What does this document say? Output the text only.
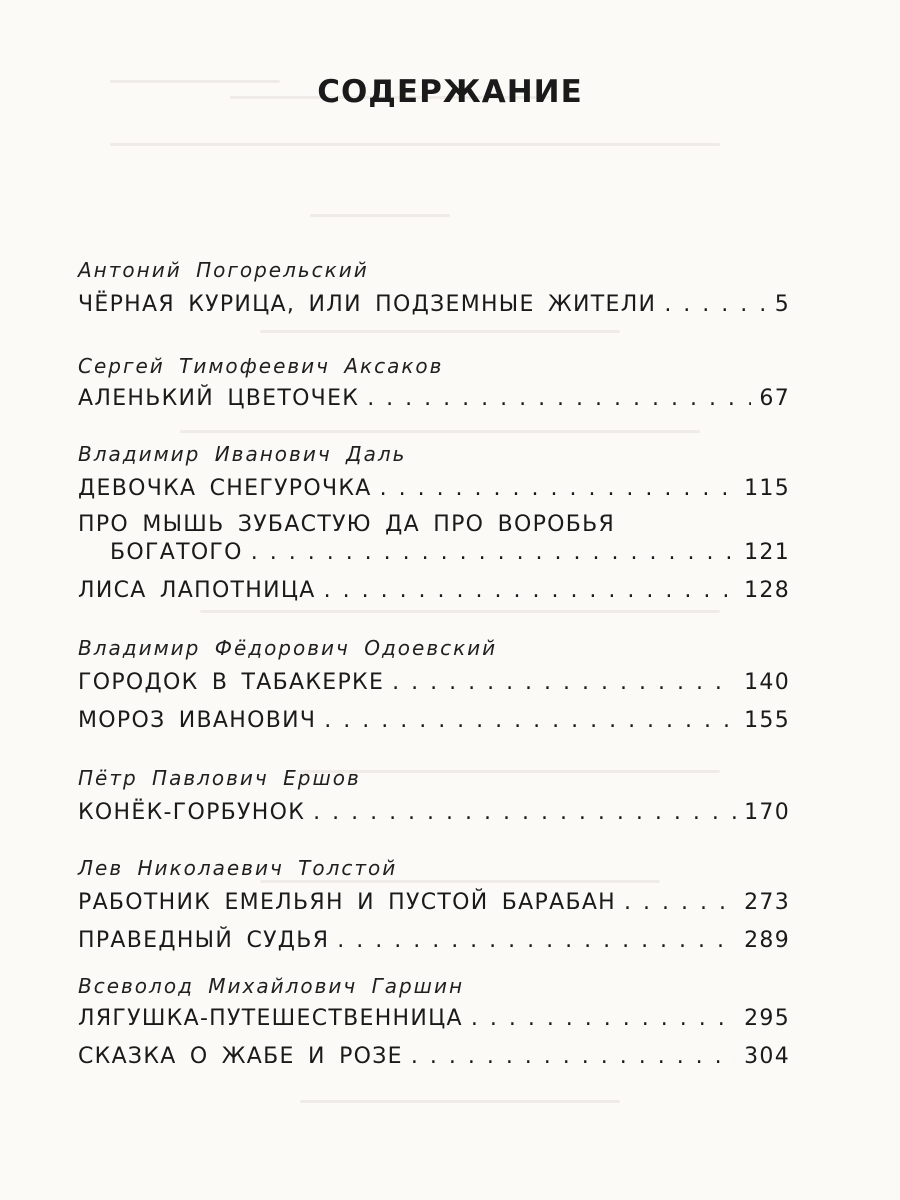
СОДЕРЖАНИЕ
Антоний Погорельский
ЧЁРНАЯ КУРИЦА, ИЛИ ПОДЗЕМНЫЕ ЖИТЕЛИ . . .	5
Сергей Тимофеевич Аксаков
АЛЕНЬКИЙ ЦВЕТОЧЕК . . .	67
Владимир Иванович Даль
ДЕВОЧКА СНЕГУРОЧКА . . .	115
ПРО МЫШЬ ЗУБАСТУЮ ДА ПРО ВОРОБЬЯ
БОГАТОГО . . .	121
ЛИСА ЛАПОТНИЦА . . .	128
Владимир Фёдорович Одоевский
ГОРОДОК В ТАБАКЕРКЕ . . .	140
МОРОЗ ИВАНОВИЧ . . .	155
Пётр Павлович Ершов
КОНЁК-ГОРБУНОК . . .	170
Лев Николаевич Толстой
РАБОТНИК ЕМЕЛЬЯН И ПУСТОЙ БАРАБАН . . .	273
ПРАВЕДНЫЙ СУДЬЯ . . .	289
Всеволод Михайлович Гаршин
ЛЯГУШКА-ПУТЕШЕСТВЕННИЦА . . .	295
СКАЗКА О ЖАБЕ И РОЗЕ . . .	304
